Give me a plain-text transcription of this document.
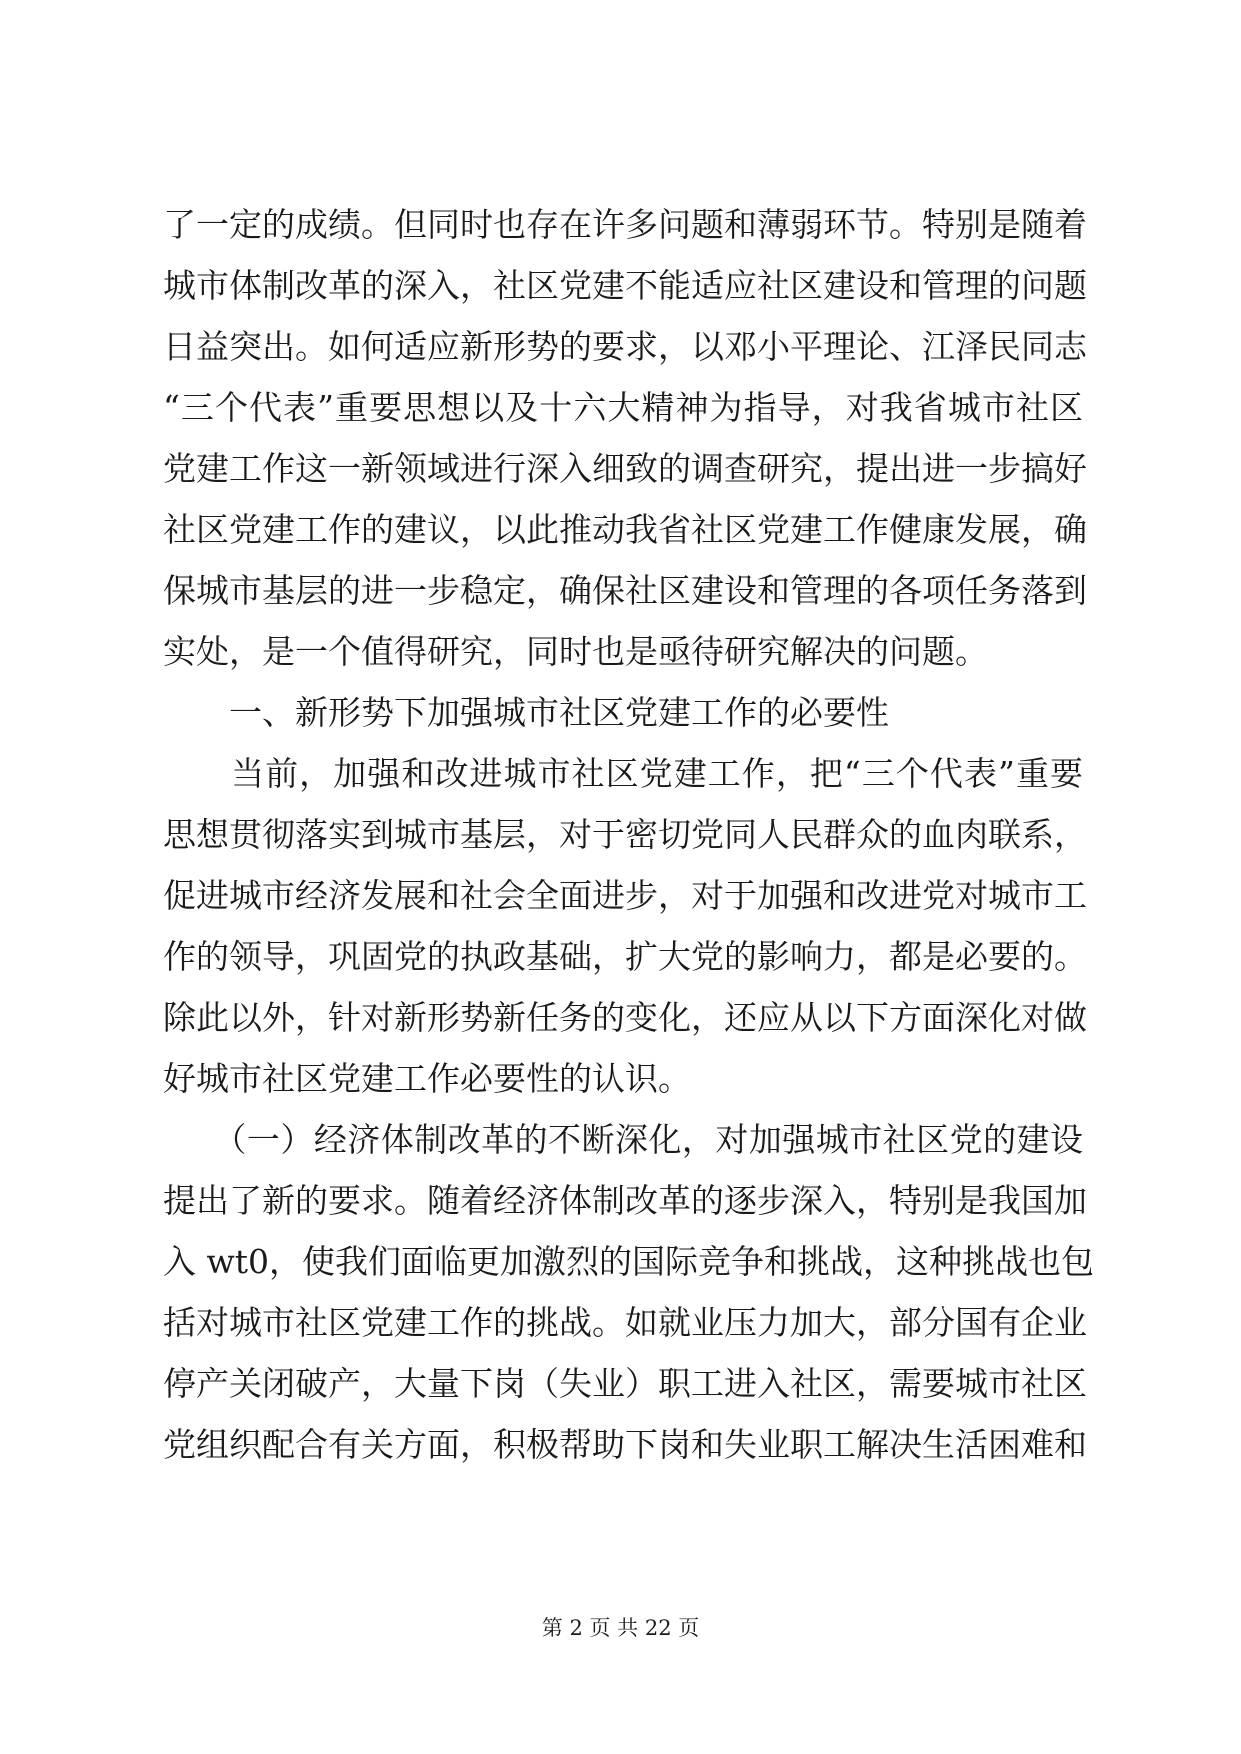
了一定的成绩。但同时也存在许多问题和薄弱环节。特别是随着
城市体制改革的深入，社区党建不能适应社区建设和管理的问题
日益突出。如何适应新形势的要求，以邓小平理论、江泽民同志
“三个代表”重要思想以及十六大精神为指导，对我省城市社区
党建工作这一新领域进行深入细致的调查研究，提出进一步搞好
社区党建工作的建议，以此推动我省社区党建工作健康发展，确
保城市基层的进一步稳定，确保社区建设和管理的各项任务落到
实处，是一个值得研究，同时也是亟待研究解决的问题。
　　一、新形势下加强城市社区党建工作的必要性
　　当前，加强和改进城市社区党建工作，把“三个代表”重要
思想贯彻落实到城市基层，对于密切党同人民群众的血肉联系，
促进城市经济发展和社会全面进步，对于加强和改进党对城市工
作的领导，巩固党的执政基础，扩大党的影响力，都是必要的。
除此以外，针对新形势新任务的变化，还应从以下方面深化对做
好城市社区党建工作必要性的认识。
　　（一）经济体制改革的不断深化，对加强城市社区党的建设
提出了新的要求。随着经济体制改革的逐步深入，特别是我国加
入 wt0，使我们面临更加激烈的国际竞争和挑战，这种挑战也包
括对城市社区党建工作的挑战。如就业压力加大，部分国有企业
停产关闭破产，大量下岗（失业）职工进入社区，需要城市社区
党组织配合有关方面，积极帮助下岗和失业职工解决生活困难和
第 2 页 共 22 页
